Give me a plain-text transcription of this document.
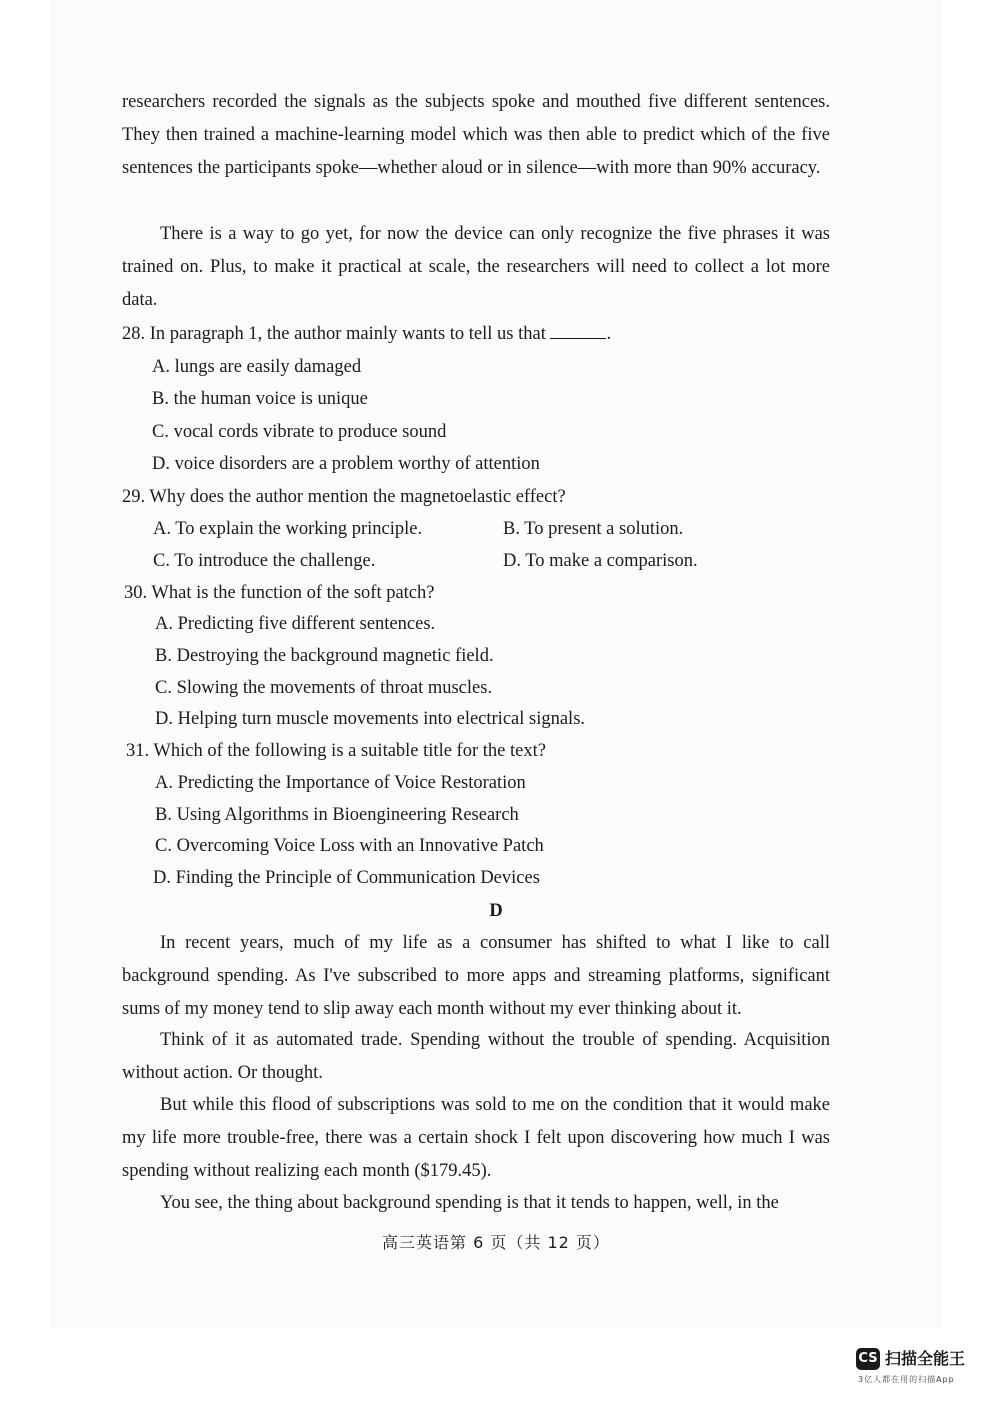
researchers recorded the signals as the subjects spoke and mouthed five different sentences. They then trained a machine-learning model which was then able to predict which of the five sentences the participants spoke—whether aloud or in silence—with more than 90% accuracy.

There is a way to go yet, for now the device can only recognize the five phrases it was trained on. Plus, to make it practical at scale, the researchers will need to collect a lot more data.

28. In paragraph 1, the author mainly wants to tell us that	.
A. lungs are easily damaged
B. the human voice is unique
C. vocal cords vibrate to produce sound
D. voice disorders are a problem worthy of attention
29. Why does the author mention the magnetoelastic effect?
A. To explain the working principle.	B. To present a solution.
C. To introduce the challenge.	D. To make a comparison.
30. What is the function of the soft patch?
A. Predicting five different sentences.
B. Destroying the background magnetic field.
C. Slowing the movements of throat muscles.
D. Helping turn muscle movements into electrical signals.
31. Which of the following is a suitable title for the text?
A. Predicting the Importance of Voice Restoration
B. Using Algorithms in Bioengineering Research
C. Overcoming Voice Loss with an Innovative Patch
D. Finding the Principle of Communication Devices
D

In recent years, much of my life as a consumer has shifted to what I like to call background spending. As I've subscribed to more apps and streaming platforms, significant sums of my money tend to slip away each month without my ever thinking about it.

Think of it as automated trade. Spending without the trouble of spending. Acquisition without action. Or thought.

But while this flood of subscriptions was sold to me on the condition that it would make my life more trouble-free, there was a certain shock I felt upon discovering how much I was spending without realizing each month ($179.45).

You see, the thing about background spending is that it tends to happen, well, in the

高三英语第 6 页（共 12 页）
CS 扫描全能王
3亿人都在用的扫描App
